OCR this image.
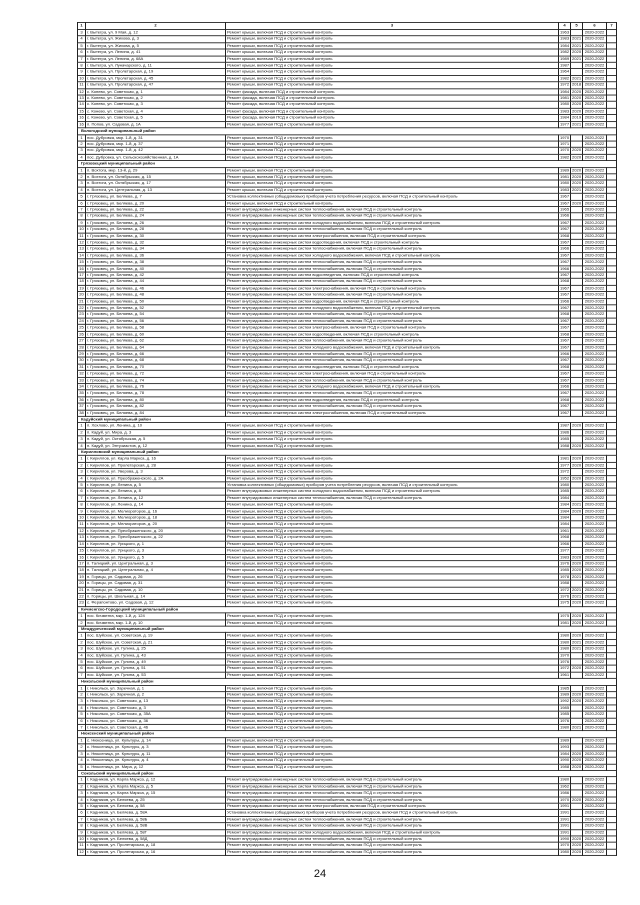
1	2	3	4	5	6	7
3	г. Вытегра, ул. 9 Мая, д. 12	Ремонт крыши, включая ПСД и строительный контроль	1963		2020-2022	
4	г. Вытегра, ул. Жихова, д. 3	Ремонт крыши, включая ПСД и строительный контроль	1983	2021	2020-2022	
5	г. Вытегра, ул. Жихова, д. 5	Ремонт крыши, включая ПСД и строительный контроль	1984	2021	2020-2022	
6	г. Вытегра, ул. Ленина, д. 41	Ремонт крыши, включая ПСД и строительный контроль	1982	2020	2020-2022	
7	г. Вытегра, ул. Ленина, д. 68А	Ремонт крыши, включая ПСД и строительный контроль	1989	2021	2020-2022	
8	г. Вытегра, ул. Луначарского, д. 11	Ремонт крыши, включая ПСД и строительный контроль	1987		2020-2022	
9	г. Вытегра, ул. Пролетарская, д. 19	Ремонт крыши, включая ПСД и строительный контроль	1964		2020-2022	
10	г. Вытегра, ул. Пролетарская, д. 45	Ремонт крыши, включая ПСД и строительный контроль	1982	2021	2020-2022	
11	г. Вытегра, ул. Пролетарская, д. 47	Ремонт крыши, включая ПСД и строительный контроль	1972	2018	2020-2022	
12	с. Конево, ул. Советская, д. 1	Ремонт фасада, включая ПСД и строительный контроль	1984	2020	2020-2022	
13	с. Конево, ул. Советская, д. 2	Ремонт фасада, включая ПСД и строительный контроль	1981	2020	2020-2022	
14	с. Конево, ул. Советская, д. 3	Ремонт фасада, включая ПСД и строительный контроль	1980	2020	2020-2022	
15	с. Конево, ул. Советская, д. 4	Ремонт фасада, включая ПСД и строительный контроль	1983	2020	2020-2022	
16	с. Конево, ул. Советская, д. 5	Ремонт фасада, включая ПСД и строительный контроль	1984	2019	2020-2022	
16	п. Попов, ул. Садовая, д. 1А	Ремонт крыши, включая ПСД и строительный контроль	1977	2021	2020-2022	
Вологодский муниципальный район						
1	пос. Дубровка, мкр. 1-й, д. 31	Ремонт крыши, включая ПСД и строительный контроль	1970		2020-2022	
2	пос. Дубровка, мкр. 1-й, д. 37	Ремонт крыши, включая ПСД и строительный контроль	1971		2020-2022	
3	пос. Дубровка, мкр. 1-й, д. 42	Ремонт крыши, включая ПСД и строительный контроль	1970	2020	2020-2022	
4	пос. Дубровка, ул. Сельскохозяйственная, д. 1А	Ремонт крыши, включая ПСД и строительный контроль	1982	2020	2020-2022	
Грязовецкий муниципальный район						
1	п. Вохтога, мкр. 13-й, д. 29	Ремонт крыши, включая ПСД и строительный контроль	1989	2020	2020-2022	
2	п. Вохтога, ул. Октябрьская, д. 15	Ремонт крыши, включая ПСД и строительный контроль	1981	2020	2020-2022	
3	п. Вохтога, ул. Октябрьская, д. 17	Ремонт крыши, включая ПСД и строительный контроль	1980	2020	2020-2022	
4	п. Вохтога, ул. Центральная, д. 13	Ремонт крыши, включая ПСД и строительный контроль	1983	2021	2020-2022	
5	г. Грязовец, ул. Беляева, д. 7	Установка коллективных (общедомовых) приборов учета потребления ресурсов, включая ПСД и строительный контроль	1967		2020-2022	
6	г. Грязовец, ул. Беляева, д. 20	Ремонт крыши, включая ПСД и строительный контроль	1967	2020	2020-2022	
7	г. Грязовец, ул. Беляева, д. 22	Ремонт внутридомовых инженерных систем теплоснабжения, включая ПСД и строительный контроль	1965		2020-2022	
8	г. Грязовец, ул. Беляева, д. 24	Ремонт внутридомовых инженерных систем теплоснабжения, включая ПСД и строительный контроль	1966		2020-2022	
9	г. Грязовец, ул. Беляева, д. 26	Ремонт внутридомовых инженерных систем холодного водоснабжения, включая ПСД и строительный контроль	1967		2020-2022	
10	г. Грязовец, ул. Беляева, д. 28	Ремонт внутридомовых инженерных систем теплоснабжения, включая ПСД и строительный контроль	1967		2020-2022	
11	г. Грязовец, ул. Беляева, д. 30	Ремонт внутридомовых инженерных систем электроснабжения, включая ПСД и строительный контроль	1968		2020-2022	
12	г. Грязовец, ул. Беляева, д. 32	Ремонт внутридомовых инженерных систем водоотведения, включая ПСД и строительный контроль	1967		2020-2022	
13	г. Грязовец, ул. Беляева, д. 34	Ремонт внутридомовых инженерных систем теплоснабжения, включая ПСД и строительный контроль	1966		2020-2022	
14	г. Грязовец, ул. Беляева, д. 36	Ремонт внутридомовых инженерных систем холодного водоснабжения, включая ПСД и строительный контроль	1967		2020-2022	
15	г. Грязовец, ул. Беляева, д. 38	Ремонт внутридомовых инженерных систем теплоснабжения, включая ПСД и строительный контроль	1967		2020-2022	
16	г. Грязовец, ул. Беляева, д. 40	Ремонт внутридомовых инженерных систем теплоснабжения, включая ПСД и строительный контроль	1966		2020-2022	
17	г. Грязовец, ул. Беляева, д. 42	Ремонт внутридомовых инженерных систем водоотведения, включая ПСД и строительный контроль	1967		2020-2022	
18	г. Грязовец, ул. Беляева, д. 44	Ремонт внутридомовых инженерных систем теплоснабжения, включая ПСД и строительный контроль	1968		2020-2022	
19	г. Грязовец, ул. Беляева, д. 46	Ремонт внутридомовых инженерных систем электроснабжения, включая ПСД и строительный контроль	1967		2020-2022	
20	г. Грязовец, ул. Беляева, д. 48	Ремонт внутридомовых инженерных систем теплоснабжения, включая ПСД и строительный контроль	1967		2020-2022	
21	г. Грязовец, ул. Беляева, д. 50	Ремонт внутридомовых инженерных систем водоотведения, включая ПСД и строительный контроль	1966		2020-2022	
22	г. Грязовец, ул. Беляева, д. 52	Ремонт внутридомовых инженерных систем холодного водоснабжения, включая ПСД и строительный контроль	1967		2020-2022	
23	г. Грязовец, ул. Беляева, д. 54	Ремонт внутридомовых инженерных систем теплоснабжения, включая ПСД и строительный контроль	1968		2020-2022	
24	г. Грязовец, ул. Беляева, д. 56	Ремонт внутридомовых инженерных систем теплоснабжения, включая ПСД и строительный контроль	1967		2020-2022	
25	г. Грязовец, ул. Беляева, д. 58	Ремонт внутридомовых инженерных систем электроснабжения, включая ПСД и строительный контроль	1967		2020-2022	
26	г. Грязовец, ул. Беляева, д. 60	Ремонт внутридомовых инженерных систем водоотведения, включая ПСД и строительный контроль	1968		2020-2022	
27	г. Грязовец, ул. Беляева, д. 62	Ремонт внутридомовых инженерных систем теплоснабжения, включая ПСД и строительный контроль	1967		2020-2022	
28	г. Грязовец, ул. Беляева, д. 64	Ремонт внутридомовых инженерных систем холодного водоснабжения, включая ПСД и строительный контроль	1967		2020-2022	
29	г. Грязовец, ул. Беляева, д. 66	Ремонт внутридомовых инженерных систем теплоснабжения, включая ПСД и строительный контроль	1966		2020-2022	
30	г. Грязовец, ул. Беляева, д. 68	Ремонт внутридомовых инженерных систем теплоснабжения, включая ПСД и строительный контроль	1967		2020-2022	
31	г. Грязовец, ул. Беляева, д. 70	Ремонт внутридомовых инженерных систем водоотведения, включая ПСД и строительный контроль	1968		2020-2022	
32	г. Грязовец, ул. Беляева, д. 72	Ремонт внутридомовых инженерных систем электроснабжения, включая ПСД и строительный контроль	1967		2020-2022	
33	г. Грязовец, ул. Беляева, д. 74	Ремонт внутридомовых инженерных систем теплоснабжения, включая ПСД и строительный контроль	1967		2020-2022	
34	г. Грязовец, ул. Беляева, д. 76	Ремонт внутридомовых инженерных систем холодного водоснабжения, включая ПСД и строительный контроль	1966		2020-2022	
35	г. Грязовец, ул. Беляева, д. 78	Ремонт внутридомовых инженерных систем теплоснабжения, включая ПСД и строительный контроль	1967		2020-2022	
36	г. Грязовец, ул. Беляева, д. 80	Ремонт внутридомовых инженерных систем водоотведения, включая ПСД и строительный контроль	1968		2020-2022	
37	г. Грязовец, ул. Беляева, д. 82	Ремонт внутридомовых инженерных систем теплоснабжения, включая ПСД и строительный контроль	1967		2020-2022	
38	г. Грязовец, ул. Беляева, д. 84	Ремонт внутридомовых инженерных систем электроснабжения, включая ПСД и строительный контроль	1967		2020-2022	
Кадуйский муниципальный район						
1	п. Хохлово, ул. Ленина, д. 10	Ремонт крыши, включая ПСД и строительный контроль	1987	2020	2020-2022	
2	п. Кадуй, ул. Мира, д. 3	Ремонт крыши, включая ПСД и строительный контроль	1986		2020-2022	
3	п. Кадуй, ул. Октябрьская, д. 5	Ремонт крыши, включая ПСД и строительный контроль	1985		2020-2022	
4	п. Кадуй, ул. Энтузиастов, д. 12	Ремонт крыши, включая ПСД и строительный контроль	1988	2020	2020-2022	
Кирилловский муниципальный район						
1	г. Кириллов, ул. Карла Маркса, д. 16	Ремонт крыши, включая ПСД и строительный контроль	1981	2020	2020-2022	
2	г. Кириллов, ул. Пролетарская, д. 28	Ремонт крыши, включая ПСД и строительный контроль	1977	2020	2020-2022	
3	г. Кириллов, ул. Уверова, д. 3	Ремонт крыши, включая ПСД и строительный контроль	1972		2020-2022	
4	г. Кириллов, ул. Преображенского, д. 2А	Ремонт крыши, включая ПСД и строительный контроль	1952	2020	2020-2022	
5	г. Кириллов, ул. Ленина, д. 5	Установка коллективных (общедомовых) приборов учета потребления ресурсов, включая ПСД и строительный контроль	1980		2020-2022	
6	г. Кириллов, ул. Ленина, д. 8	Ремонт внутридомовых инженерных систем холодного водоснабжения, включая ПСД и строительный контроль	1985		2020-2022	
7	г. Кириллов, ул. Ленина, д. 12	Ремонт внутридомовых инженерных систем теплоснабжения, включая ПСД и строительный контроль	1984		2020-2022	
8	г. Кириллов, ул. Ленина, д. 14	Ремонт крыши, включая ПСД и строительный контроль	1984	2021	2020-2022	
9	г. Кириллов, ул. Мелиораторов, д. 16	Ремонт крыши, включая ПСД и строительный контроль	1984	2020	2020-2022	
10	г. Кириллов, ул. Мелиораторов, д. 18	Ремонт крыши, включая ПСД и строительный контроль	1984		2020-2022	
11	г. Кириллов, ул. Мелиораторов, д. 20	Ремонт крыши, включая ПСД и строительный контроль	1984		2020-2022	
12	г. Кириллов, ул. Преображенского, д. 20	Ремонт крыши, включая ПСД и строительный контроль	1961		2020-2022	
13	г. Кириллов, ул. Преображенского, д. 22	Ремонт крыши, включая ПСД и строительный контроль	1968		2020-2022	
14	г. Кириллов, ул. Урицкого, д. 1	Ремонт крыши, включая ПСД и строительный контроль	1966		2020-2022	
15	г. Кириллов, ул. Урицкого, д. 3	Ремонт крыши, включая ПСД и строительный контроль	1977		2020-2022	
16	г. Кириллов, ул. Урицкого, д. 5	Ремонт крыши, включая ПСД и строительный контроль	1983	2020	2020-2022	
17	п. Талицкий, ул. Центральная, д. 3	Ремонт крыши, включая ПСД и строительный контроль	1976	2020	2020-2022	
18	п. Талицкий, ул. Центральная, д. 4	Ремонт крыши, включая ПСД и строительный контроль	1985	2020	2020-2022	
19	п. Горицы, ул. Садовая, д. 26	Ремонт крыши, включая ПСД и строительный контроль	1978	2021	2020-2022	
20	п. Горицы, ул. Садовая, д. 31	Ремонт крыши, включая ПСД и строительный контроль	1988		2020-2022	
21	п. Горицы, ул. Садовая, д. 10	Ремонт крыши, включая ПСД и строительный контроль	1972	2021	2020-2022	
22	п. Горицы, ул. Школьная, д. 14	Ремонт крыши, включая ПСД и строительный контроль	1976	2021	2020-2022	
23	с. Ферапонтово, ул. Садовая, д. 12	Ремонт крыши, включая ПСД и строительный контроль	1975	2020	2020-2022	
Кичменгско-Городецкий муниципальный район						
1	пос. Кичменга, мкр. 1-й, д. 124	Ремонт крыши, включая ПСД и строительный контроль	1975	2020	2020-2022	
2	пос. Кичменга, мкр. 1-й, д. 10	Ремонт крыши, включая ПСД и строительный контроль	1981	2020	2020-2022	
Междуреченский муниципальный район						
1	пос. Шуйское, ул. Советская, д. 19	Ремонт крыши, включая ПСД и строительный контроль	1980	2020	2020-2022	
2	пос. Шуйское, ул. Советская, д. 21	Ремонт крыши, включая ПСД и строительный контроль	1980	2021	2020-2022	
3	пос. Шуйское, ул. Гулина, д. 25	Ремонт крыши, включая ПСД и строительный контроль	1980	2021	2020-2022	
4	пос. Шуйское, ул. Гулина, д. 43	Ремонт крыши, включая ПСД и строительный контроль	1970		2020-2022	
5	пос. Шуйское, ул. Гулина, д. 49	Ремонт крыши, включая ПСД и строительный контроль	1976		2020-2022	
6	пос. Шуйское, ул. Гулина, д. 51	Ремонт крыши, включая ПСД и строительный контроль	1972	2020	2020-2022	
7	пос. Шуйское, ул. Гулина, д. 53	Ремонт крыши, включая ПСД и строительный контроль	1961		2020-2022	
Никольский муниципальный район						
1	г. Никольск, ул. Заречная, д. 1	Ремонт крыши, включая ПСД и строительный контроль	1985		2020-2022	
2	г. Никольск, ул. Заречная, д. 2	Ремонт крыши, включая ПСД и строительный контроль	1989	2020	2020-2022	
3	г. Никольск, ул. Советская, д. 13	Ремонт крыши, включая ПСД и строительный контроль	1992	2020	2020-2022	
4	г. Никольск, ул. Советская, д. 3	Ремонт крыши, включая ПСД и строительный контроль	1985		2020-2022	
5	г. Никольск, ул. Советская, д. 35А	Ремонт крыши, включая ПСД и строительный контроль	1985		2020-2022	
6	г. Никольск, ул. Советская, д. 36	Ремонт крыши, включая ПСД и строительный контроль	1976		2020-2022	
7	г. Никольск, ул. Советская, д. 46	Ремонт крыши, включая ПСД и строительный контроль	1980	2021	2020-2022	
Нюксенский муниципальный район						
1	с. Нюксеница, ул. Культуры, д. 14	Ремонт крыши, включая ПСД и строительный контроль	1989		2020-2022	
2	с. Нюксеница, ул. Культуры, д. 3	Ремонт крыши, включая ПСД и строительный контроль	1993		2020-2022	
3	с. Нюксеница, ул. Культуры, д. 11	Ремонт крыши, включая ПСД и строительный контроль	1984	2020	2020-2022	
4	с. Нюксеница, ул. Культуры, д. 4	Ремонт крыши, включая ПСД и строительный контроль	1990	2020	2020-2022	
5	с. Нюксеница, ул. Мира, д. 12	Ремонт крыши, включая ПСД и строительный контроль	1988	2020	2020-2022	
Сокольский муниципальный район						
1	г. Кадников, ул. Карла Маркса, д. 12	Ремонт внутридомовых инженерных систем теплоснабжения, включая ПСД и строительный контроль	1980		2020-2022	
2	г. Кадников, ул. Карла Маркса, д. 5	Ремонт внутридомовых инженерных систем теплоснабжения, включая ПСД и строительный контроль	1962		2020-2022	
3	г. Кадников, ул. Карла Маркса, д. 15	Ремонт внутридомовых инженерных систем теплоснабжения, включая ПСД и строительный контроль	1986		2020-2022	
4	г. Кадников, ул. Беляева, д. 25	Ремонт внутридомовых инженерных систем теплоснабжения, включая ПСД и строительный контроль	1970	2020	2020-2022	
5	г. Кадников, ул. Беляева, д. 58	Ремонт внутридомовых инженерных систем электроснабжения, включая ПСД и строительный контроль	1991		2020-2022	
6	г. Кадников, ул. Беляева, д. 58А	Установка коллективных (общедомовых) приборов учета потребления ресурсов, включая ПСД и строительный контроль	1991		2020-2022	
7	г. Кадников, ул. Беляева, д. 58Б	Ремонт внутридомовых инженерных систем теплоснабжения, включая ПСД и строительный контроль	1991		2020-2022	
8	г. Кадников, ул. Беляева, д. 58В	Ремонт внутридомовых инженерных систем теплоснабжения, включая ПСД и строительный контроль	1991		2020-2022	
9	г. Кадников, ул. Беляева, д. 58Г	Ремонт внутридомовых инженерных систем холодного водоснабжения, включая ПСД и строительный контроль	1991		2020-2022	
10	г. Кадников, ул. Беляева, д. 58Д	Ремонт внутридомовых инженерных систем теплоснабжения, включая ПСД и строительный контроль	1990	2020	2020-2022	
11	г. Кадников, ул. Пролетарская, д. 18	Ремонт внутридомовых инженерных систем теплоснабжения, включая ПСД и строительный контроль	1970	2020	2020-2022	
12	г. Кадников, ул. Пролетарская, д. 16	Ремонт внутридомовых инженерных систем теплоснабжения, включая ПСД и строительный контроль	1980	2020	2020-2022	
24
